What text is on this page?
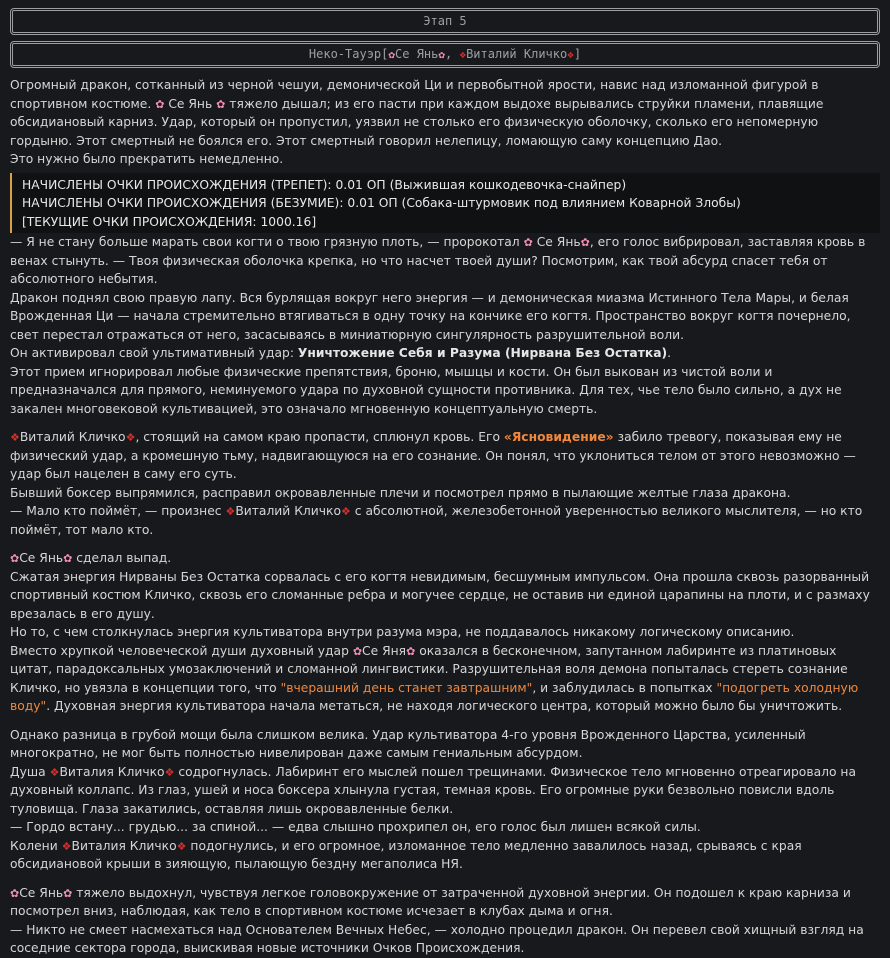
Этап 5
Неко-Тауэр[✿Се Янь✿, ❖Виталий Кличко❖]

Огромный дракон, сотканный из черной чешуи, демонической Ци и первобытной ярости, навис над изломанной фигурой в спортивном костюме. ✿ Се Янь ✿ тяжело дышал; из его пасти при каждом выдохе вырывались струйки пламени, плавящие обсидиановый карниз. Удар, который он пропустил, уязвил не столько его физическую оболочку, сколько его непомерную гордыню. Этот смертный не боялся его. Этот смертный говорил нелепицу, ломающую саму концепцию Дао.

Это нужно было прекратить немедленно.

НАЧИСЛЕНЫ ОЧКИ ПРОИСХОЖДЕНИЯ (ТРЕПЕТ): 0.01 ОП (Выжившая кошкодевочка-снайпер)

НАЧИСЛЕНЫ ОЧКИ ПРОИСХОЖДЕНИЯ (БЕЗУМИЕ): 0.01 ОП (Собака-штурмовик под влиянием Коварной Злобы)

[ТЕКУЩИЕ ОЧКИ ПРОИСХОЖДЕНИЯ: 1000.16]

— Я не стану больше марать свои когти о твою грязную плоть, — пророкотал ✿ Се Янь✿, его голос вибрировал, заставляя кровь в венах стынуть. — Твоя физическая оболочка крепка, но что насчет твоей души? Посмотрим, как твой абсурд спасет тебя от абсолютного небытия.

Дракон поднял свою правую лапу. Вся бурлящая вокруг него энергия — и демоническая миазма Истинного Тела Мары, и белая Врожденная Ци — начала стремительно втягиваться в одну точку на кончике его когтя. Пространство вокруг когтя почернело, свет перестал отражаться от него, засасываясь в миниатюрную сингулярность разрушительной воли.

Он активировал свой ультимативный удар: Уничтожение Себя и Разума (Нирвана Без Остатка).

Этот прием игнорировал любые физические препятствия, броню, мышцы и кости. Он был выкован из чистой воли и предназначался для прямого, неминуемого удара по духовной сущности противника. Для тех, чье тело было сильно, а дух не закален многовековой культивацией, это означало мгновенную концептуальную смерть.

❖Виталий Кличко❖, стоящий на самом краю пропасти, сплюнул кровь. Его «Ясновидение» забило тревогу, показывая ему не физический удар, а кромешную тьму, надвигающуюся на его сознание. Он понял, что уклониться телом от этого невозможно — удар был нацелен в саму его суть.

Бывший боксер выпрямился, расправил окровавленные плечи и посмотрел прямо в пылающие желтые глаза дракона.

— Мало кто поймёт, — произнес ❖Виталий Кличко❖ с абсолютной, железобетонной уверенностью великого мыслителя, — но кто поймёт, тот мало кто.

✿Се Янь✿ сделал выпад.

Сжатая энергия Нирваны Без Остатка сорвалась с его когтя невидимым, бесшумным импульсом. Она прошла сквозь разорванный спортивный костюм Кличко, сквозь его сломанные ребра и могучее сердце, не оставив ни единой царапины на плоти, и с размаху врезалась в его душу.

Но то, с чем столкнулась энергия культиватора внутри разума мэра, не поддавалось никакому логическому описанию.

Вместо хрупкой человеческой души духовный удар ✿Се Яня✿ оказался в бесконечном, запутанном лабиринте из платиновых цитат, парадоксальных умозаключений и сломанной лингвистики. Разрушительная воля демона попыталась стереть сознание Кличко, но увязла в концепции того, что "вчерашний день станет завтрашним", и заблудилась в попытках "подогреть холодную воду". Духовная энергия культиватора начала метаться, не находя логического центра, который можно было бы уничтожить.

Однако разница в грубой мощи была слишком велика. Удар культиватора 4-го уровня Врожденного Царства, усиленный многократно, не мог быть полностью нивелирован даже самым гениальным абсурдом.

Душа ❖Виталия Кличко❖ содрогнулась. Лабиринт его мыслей пошел трещинами. Физическое тело мгновенно отреагировало на духовный коллапс. Из глаз, ушей и носа боксера хлынула густая, темная кровь. Его огромные руки безвольно повисли вдоль туловища. Глаза закатились, оставляя лишь окровавленные белки.

— Гордо встану... грудью... за спиной... — едва слышно прохрипел он, его голос был лишен всякой силы.

Колени ❖Виталия Кличко❖ подогнулись, и его огромное, изломанное тело медленно завалилось назад, срываясь с края обсидиановой крыши в зияющую, пылающую бездну мегаполиса НЯ.

✿Се Янь✿ тяжело выдохнул, чувствуя легкое головокружение от затраченной духовной энергии. Он подошел к краю карниза и посмотрел вниз, наблюдая, как тело в спортивном костюме исчезает в клубах дыма и огня.

— Никто не смеет насмехаться над Основателем Вечных Небес, — холодно процедил дракон. Он перевел свой хищный взгляд на соседние сектора города, выискивая новые источники Очков Происхождения.
